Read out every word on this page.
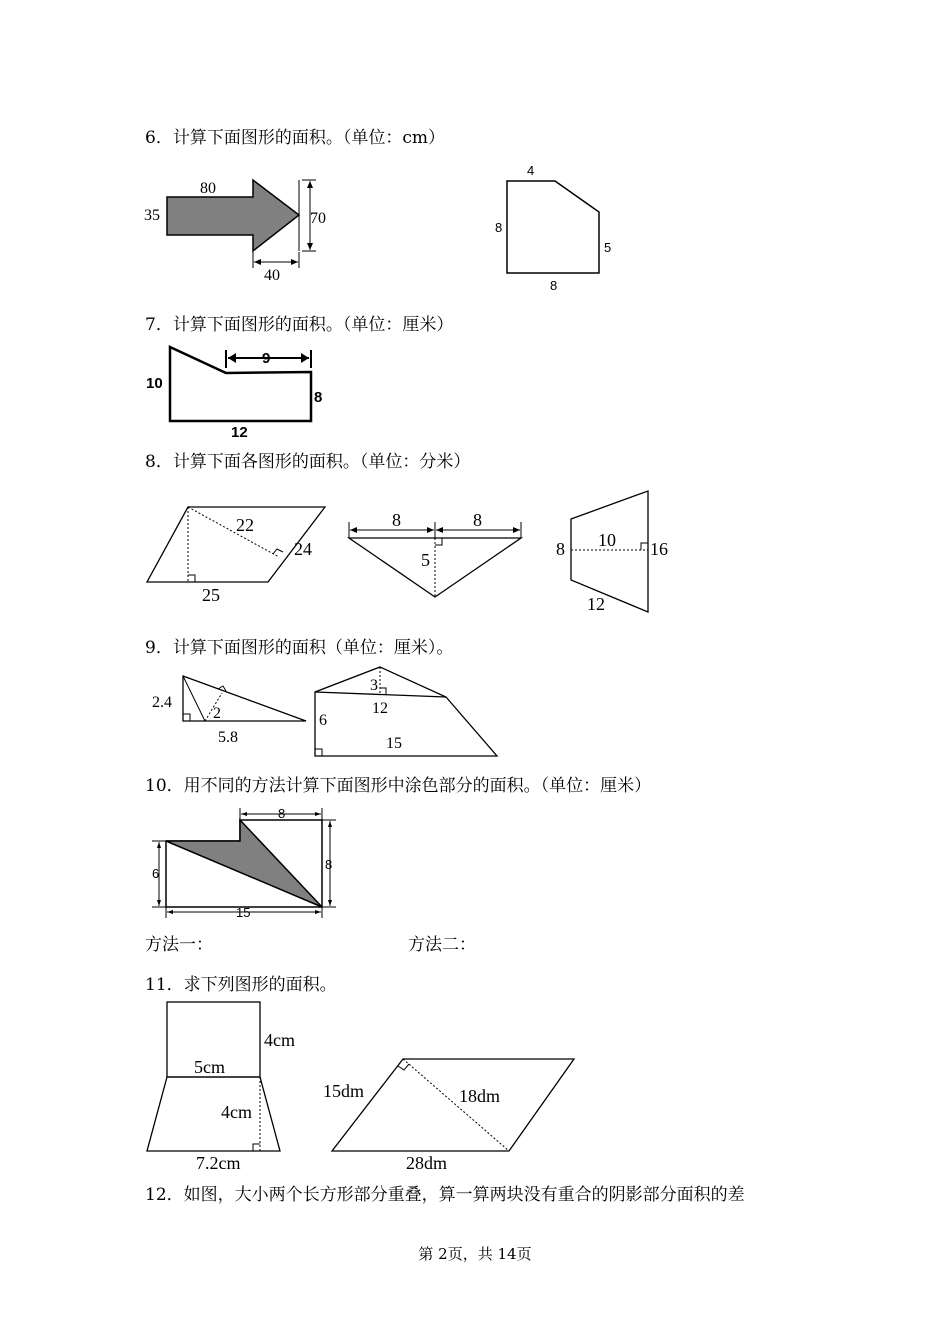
6．计算下面图形的面积。（单位：cm）
7．计算下面图形的面积。（单位：厘米）
8．计算下面各图形的面积。（单位：分米）
9．计算下面图形的面积（单位：厘米）。
10．用不同的方法计算下面图形中涂色部分的面积。（单位：厘米）
方法一：	方法二：
11．求下列图形的面积。
12．如图，大小两个长方形部分重叠，算一算两块没有重合的阴影部分面积的差
80
35	70
40
4
8
5
8
9
10
8
12
22
24
25
8	8
5
8 10 16
12
2.4
2
5.8
3
12
6
15
8
6
8
15
4cm
5cm
4cm
7.2cm
15dm	18dm
28dm
第 2页，共 14页
